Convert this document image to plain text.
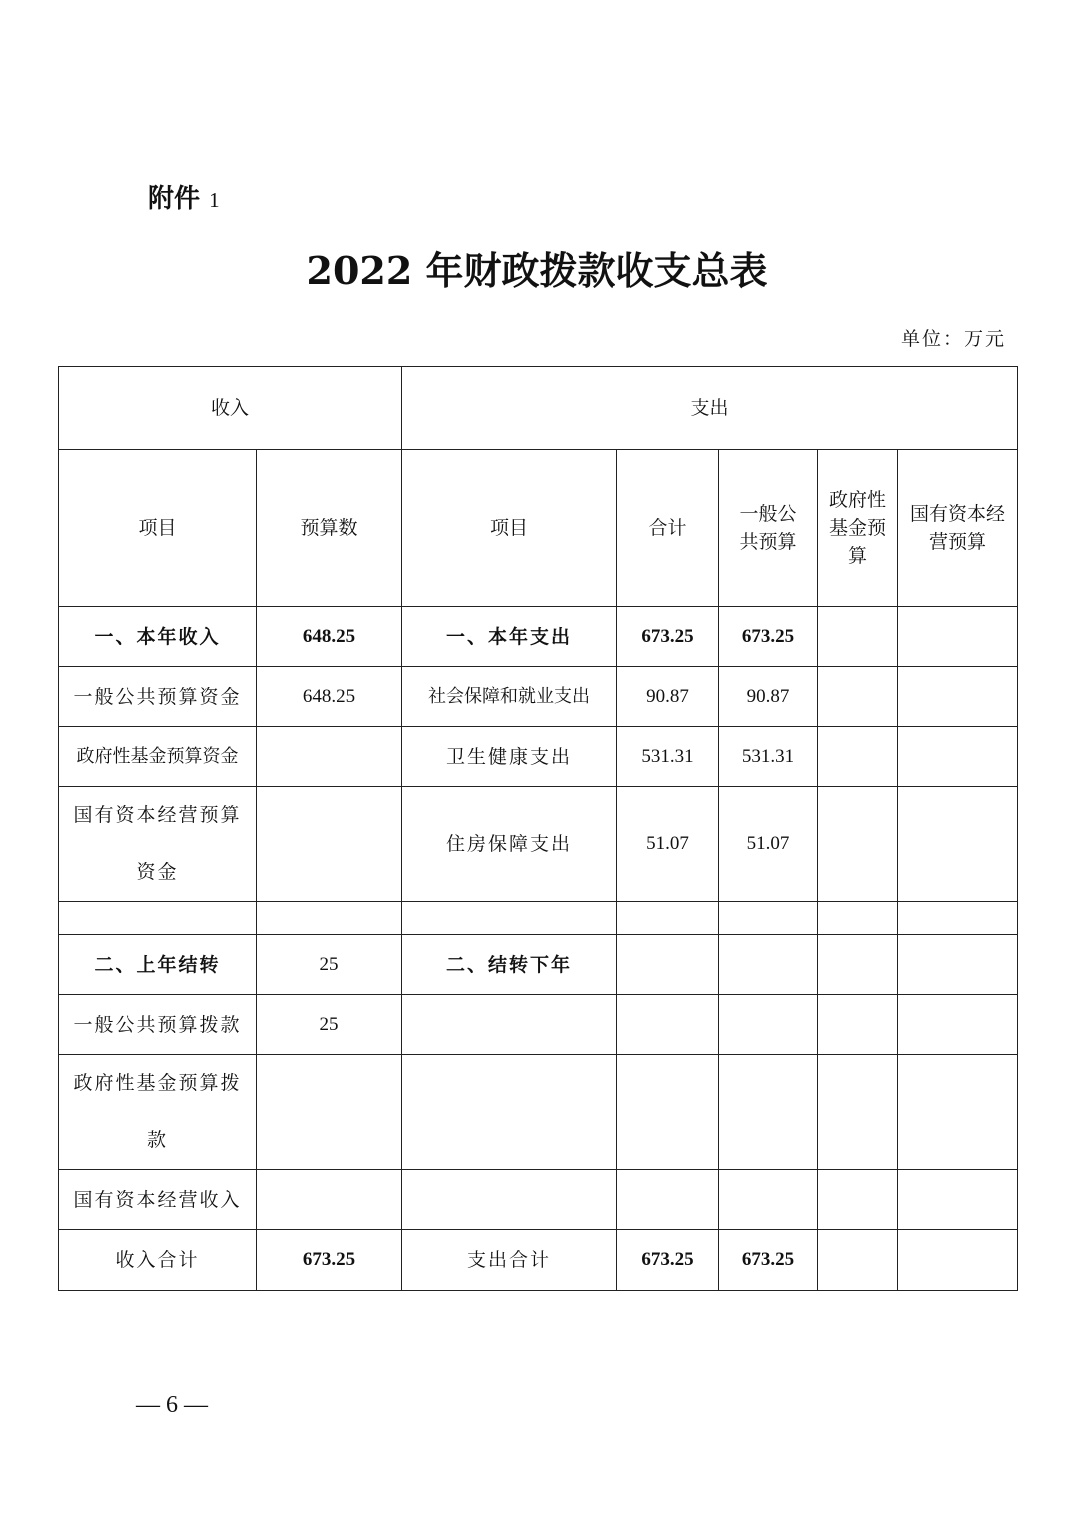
附件 1
2022 年财政拨款收支总表
单位：万元
收入		支出				
项目	预算数	项目	合计	一般公共预算	政府性基金预算	国有资本经营预算
一、本年收入	648.25	一、本年支出	673.25	673.25		
一般公共预算资金	648.25	社会保障和就业支出	90.87	90.87		
政府性基金预算资金		卫生健康支出	531.31	531.31		
国有资本经营预算资金		住房保障支出	51.07	51.07		

二、上年结转	25	二、结转下年				
一般公共预算拨款	25					
政府性基金预算拨款						
国有资本经营收入						
收入合计	673.25	支出合计	673.25	673.25		
— 6 —
